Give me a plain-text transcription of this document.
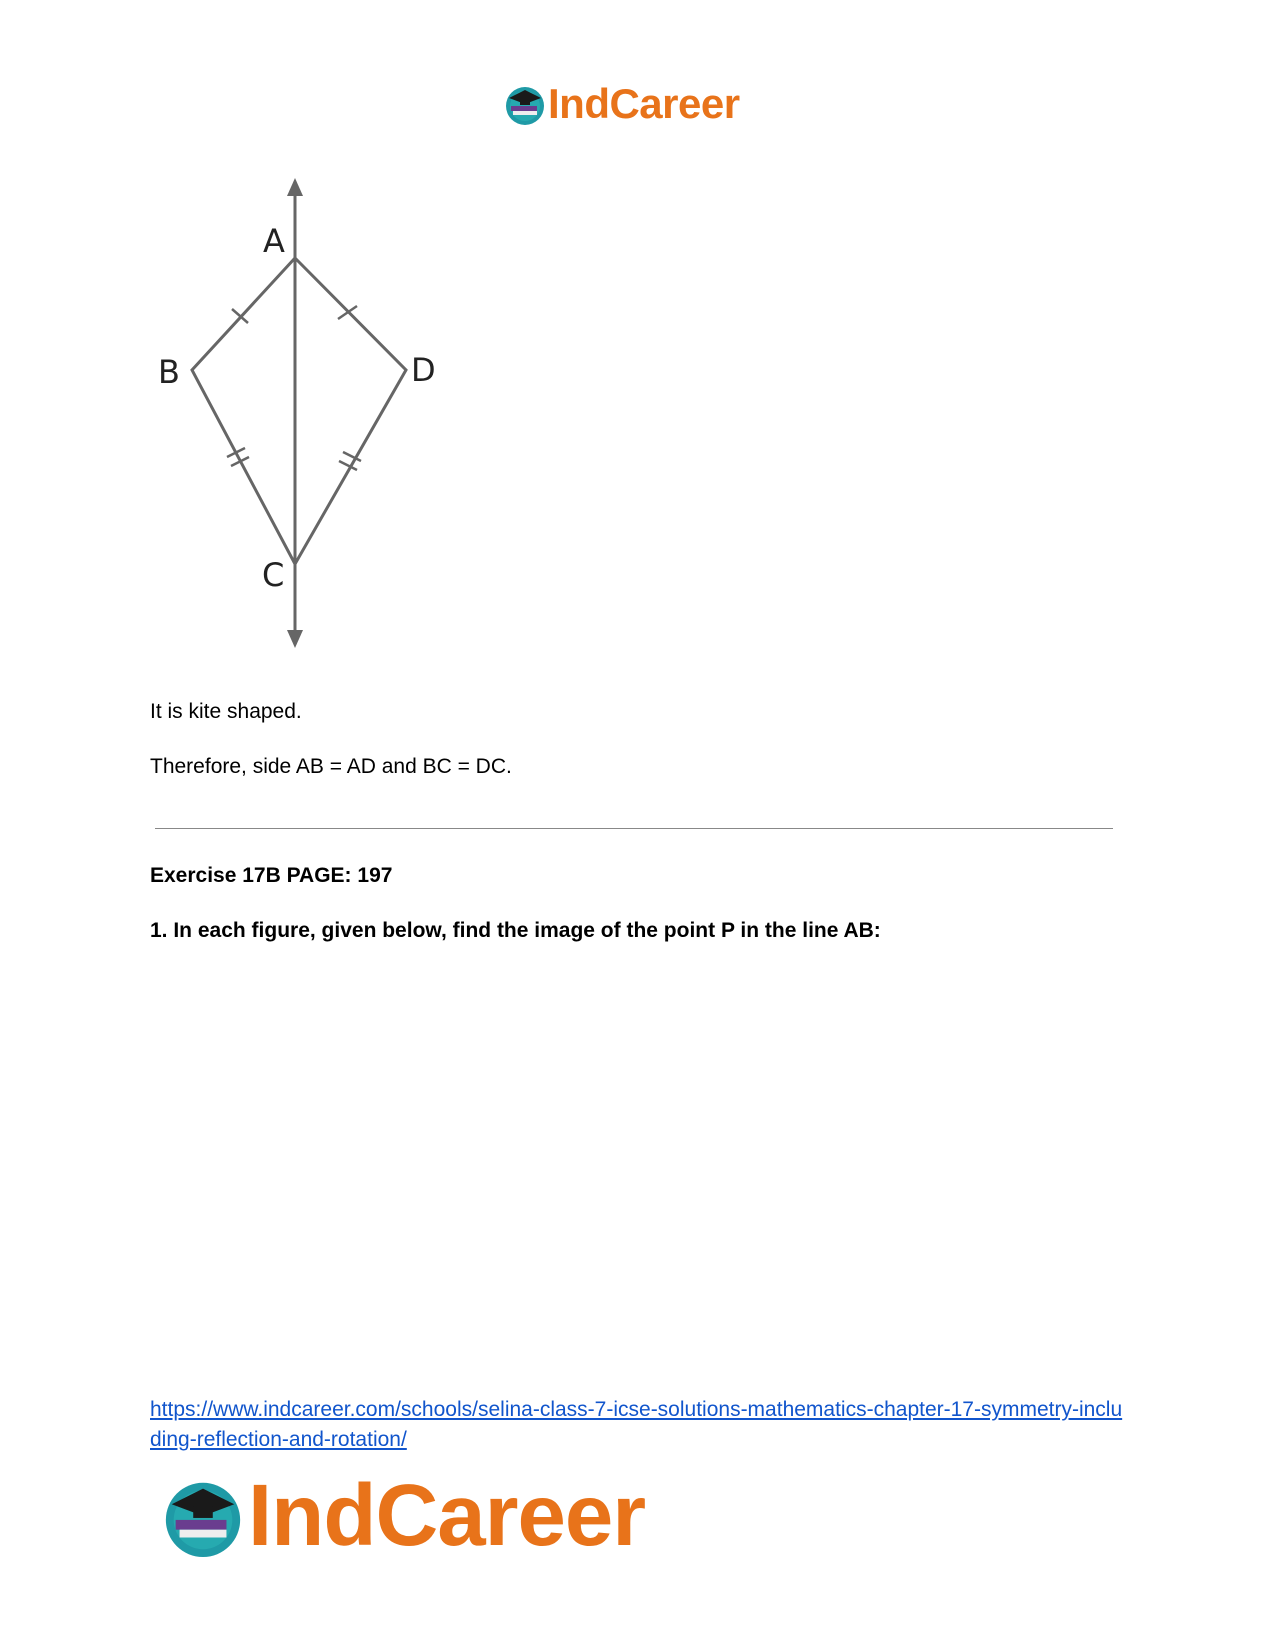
IndCareer
A
B	D
C
It is kite shaped.
Therefore, side AB = AD and BC = DC.
Exercise 17B PAGE: 197
1. In each figure, given below, find the image of the point P in the line AB:
https://www.indcareer.com/schools/selina-class-7-icse-solutions-mathematics-chapter-17-symmetry-including-reflection-and-rotation/
IndCareer
